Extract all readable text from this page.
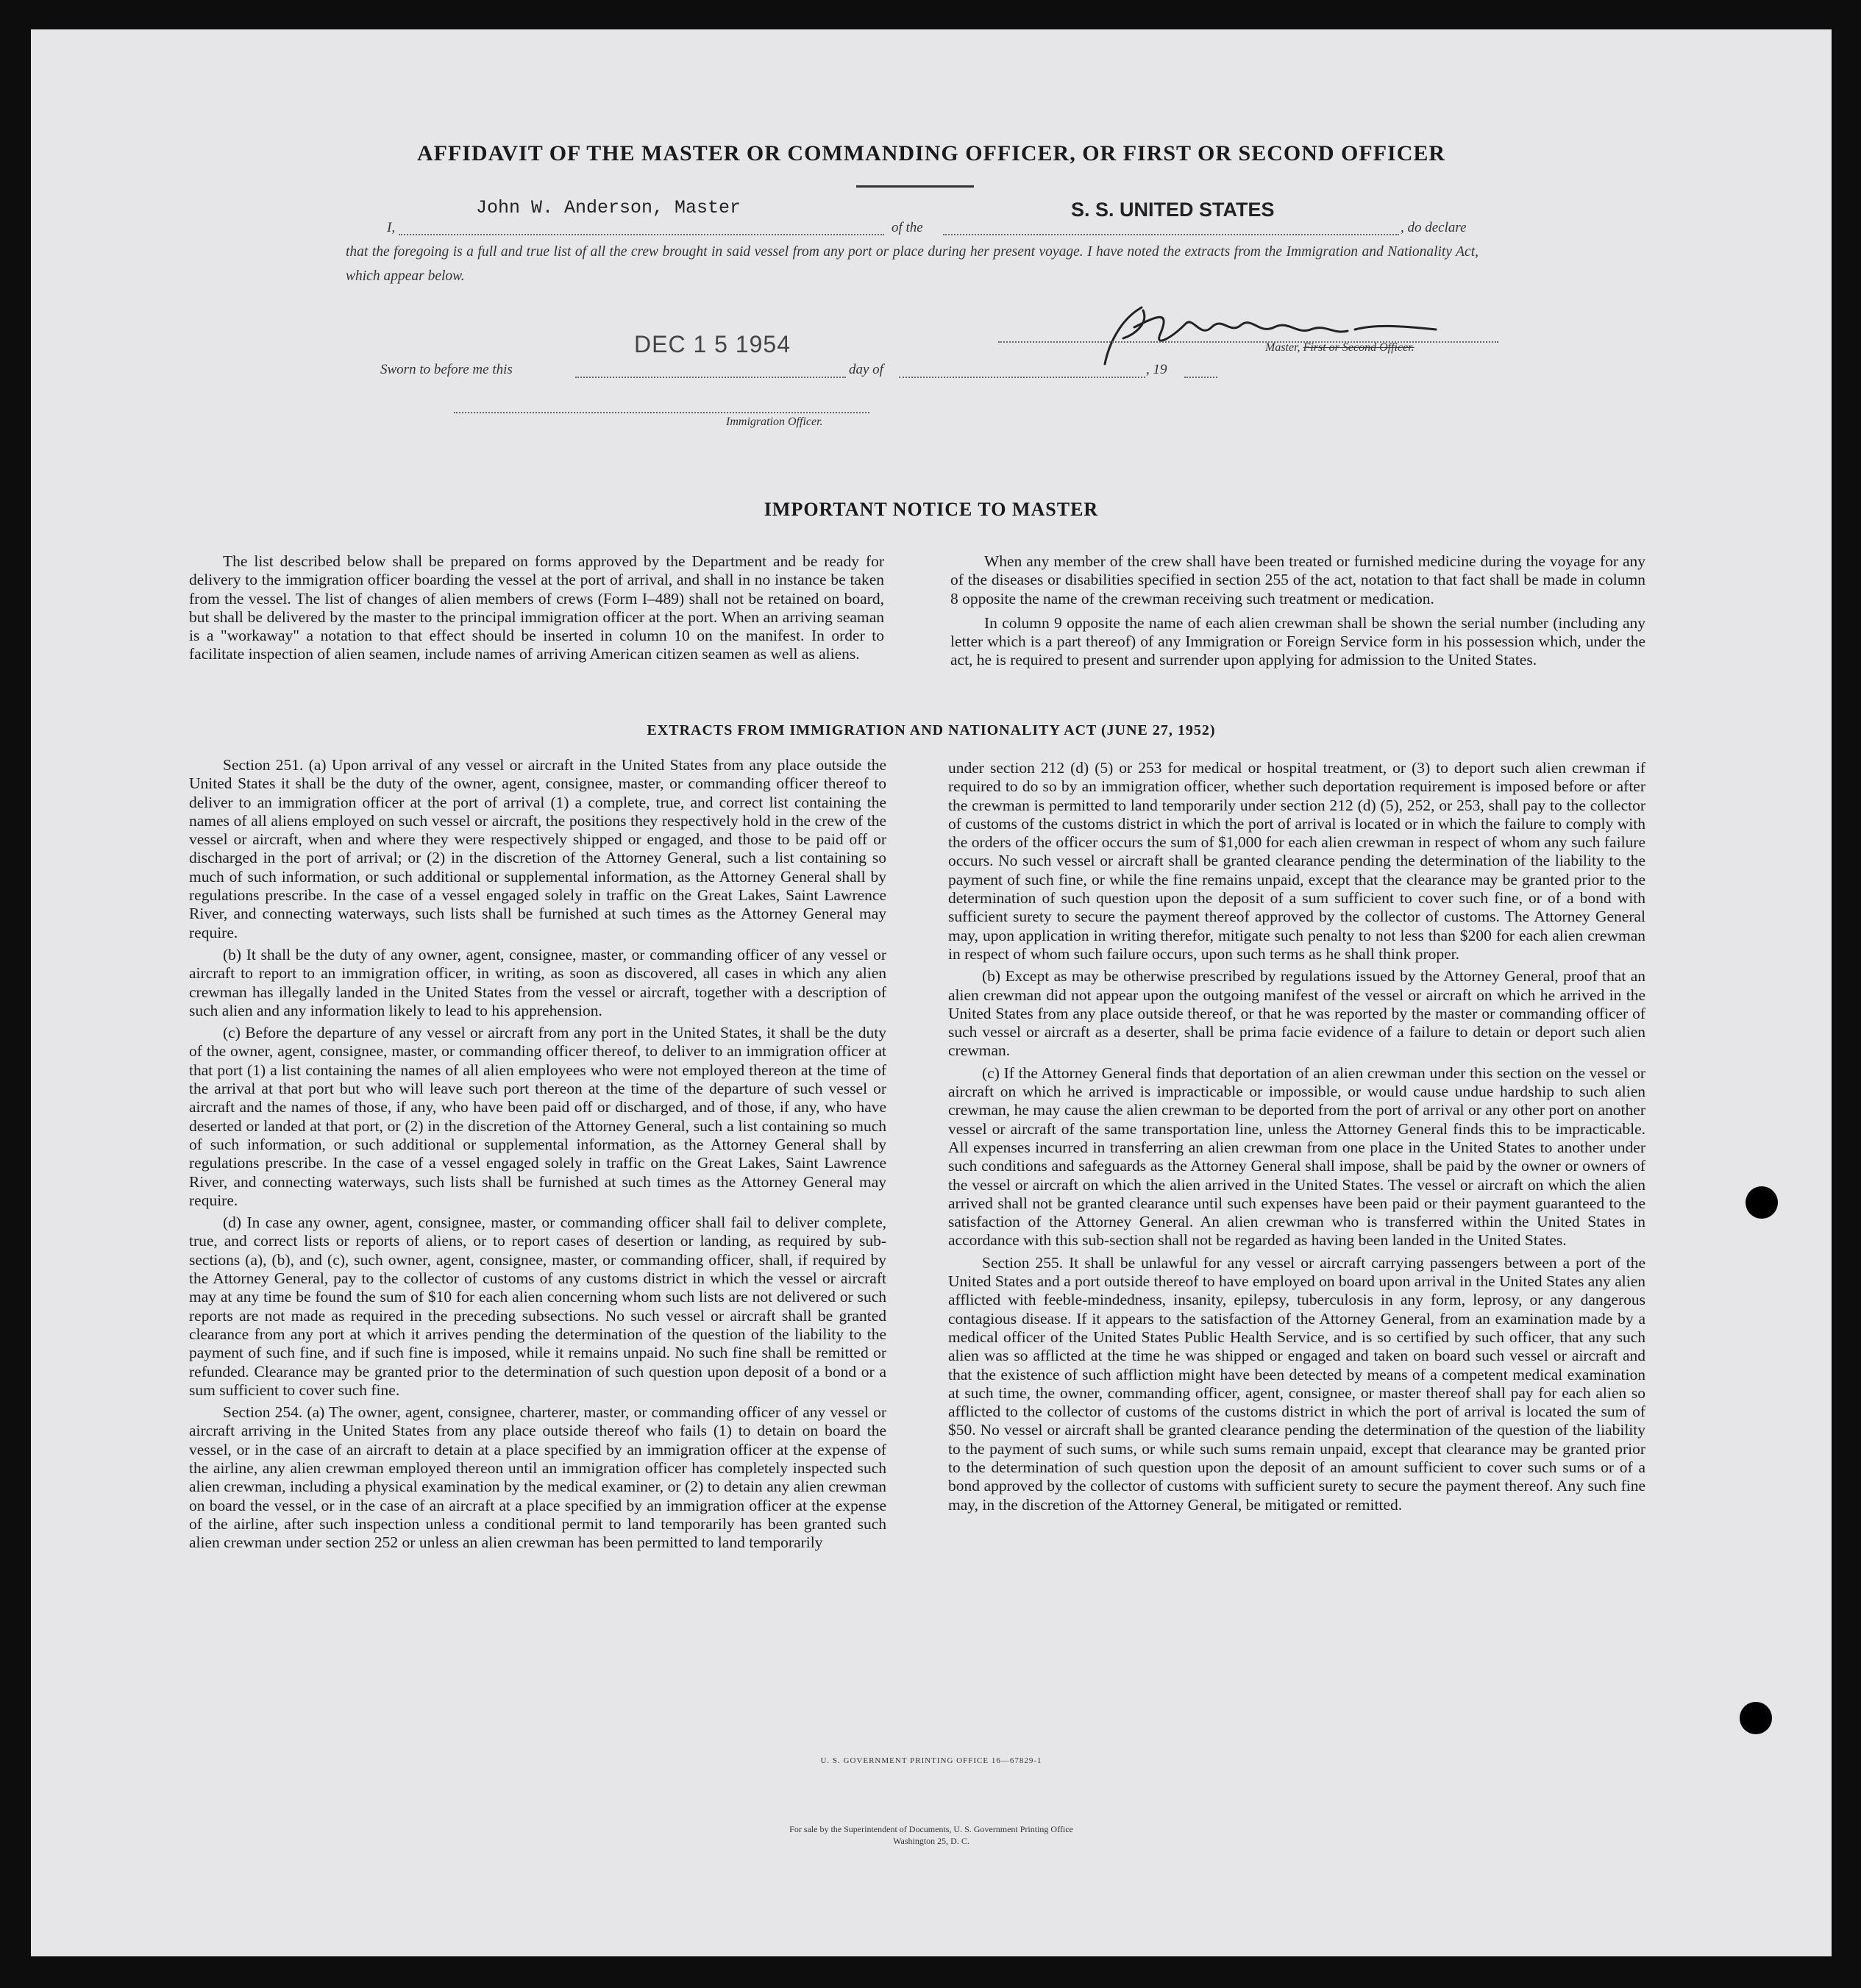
AFFIDAVIT OF THE MASTER OR COMMANDING OFFICER, OR FIRST OR SECOND OFFICER
John W. Anderson, Master	S. S. UNITED STATES
I,	of the	, do declare
that the foregoing is a full and true list of all the crew brought in said vessel from any port or place during her present voyage. I have noted the extracts from the Immigration and Nationality Act, which appear below.
DEC 1 5 1954	Master, First or Second Officer.
Sworn to before me this	day of	, 19
Immigration Officer.
IMPORTANT NOTICE TO MASTER

The list described below shall be prepared on forms approved by the Department and be ready for delivery to the immigration officer boarding the vessel at the port of arrival, and shall in no instance be taken from the vessel. The list of changes of alien members of crews (Form I–489) shall not be retained on board, but shall be delivered by the master to the principal immigration officer at the port. When an arriving seaman is a "workaway" a notation to that effect should be inserted in column 10 on the manifest. In order to facilitate inspection of alien seamen, include names of arriving American citizen seamen as well as aliens.

When any member of the crew shall have been treated or furnished medicine during the voyage for any of the diseases or disabilities specified in section 255 of the act, notation to that fact shall be made in column 8 opposite the name of the crewman receiving such treatment or medication.

In column 9 opposite the name of each alien crewman shall be shown the serial number (including any letter which is a part thereof) of any Immigration or Foreign Service form in his possession which, under the act, he is required to present and surrender upon applying for admission to the United States.

EXTRACTS FROM IMMIGRATION AND NATIONALITY ACT (JUNE 27, 1952)

Section 251. (a) Upon arrival of any vessel or aircraft in the United States from any place outside the United States it shall be the duty of the owner, agent, consignee, master, or commanding officer thereof to deliver to an immigration officer at the port of arrival (1) a complete, true, and correct list containing the names of all aliens employed on such vessel or aircraft, the positions they respectively hold in the crew of the vessel or aircraft, when and where they were respectively shipped or engaged, and those to be paid off or discharged in the port of arrival; or (2) in the discretion of the Attorney General, such a list containing so much of such information, or such additional or supplemental information, as the Attorney General shall by regulations prescribe. In the case of a vessel engaged solely in traffic on the Great Lakes, Saint Lawrence River, and connecting waterways, such lists shall be furnished at such times as the Attorney General may require.

(b) It shall be the duty of any owner, agent, consignee, master, or commanding officer of any vessel or aircraft to report to an immigration officer, in writing, as soon as discovered, all cases in which any alien crewman has illegally landed in the United States from the vessel or aircraft, together with a description of such alien and any information likely to lead to his apprehension.

(c) Before the departure of any vessel or aircraft from any port in the United States, it shall be the duty of the owner, agent, consignee, master, or commanding officer thereof, to deliver to an immigration officer at that port (1) a list containing the names of all alien employees who were not employed thereon at the time of the arrival at that port but who will leave such port thereon at the time of the departure of such vessel or aircraft and the names of those, if any, who have been paid off or discharged, and of those, if any, who have deserted or landed at that port, or (2) in the discretion of the Attorney General, such a list containing so much of such information, or such additional or supplemental information, as the Attorney General shall by regulations prescribe. In the case of a vessel engaged solely in traffic on the Great Lakes, Saint Lawrence River, and connecting waterways, such lists shall be furnished at such times as the Attorney General may require.

(d) In case any owner, agent, consignee, master, or commanding officer shall fail to deliver complete, true, and correct lists or reports of aliens, or to report cases of desertion or landing, as required by sub-sections (a), (b), and (c), such owner, agent, consignee, master, or commanding officer, shall, if required by the Attorney General, pay to the collector of customs of any customs district in which the vessel or aircraft may at any time be found the sum of $10 for each alien concerning whom such lists are not delivered or such reports are not made as required in the preceding subsections. No such vessel or aircraft shall be granted clearance from any port at which it arrives pending the determination of the question of the liability to the payment of such fine, and if such fine is imposed, while it remains unpaid. No such fine shall be remitted or refunded. Clearance may be granted prior to the determination of such question upon deposit of a bond or a sum sufficient to cover such fine.

Section 254. (a) The owner, agent, consignee, charterer, master, or commanding officer of any vessel or aircraft arriving in the United States from any place outside thereof who fails (1) to detain on board the vessel, or in the case of an aircraft to detain at a place specified by an immigration officer at the expense of the airline, any alien crewman employed thereon until an immigration officer has completely inspected such alien crewman, including a physical examination by the medical examiner, or (2) to detain any alien crewman on board the vessel, or in the case of an aircraft at a place specified by an immigration officer at the expense of the airline, after such inspection unless a conditional permit to land temporarily has been granted such alien crewman under section 252 or unless an alien crewman has been permitted to land temporarily

under section 212 (d) (5) or 253 for medical or hospital treatment, or (3) to deport such alien crewman if required to do so by an immigration officer, whether such deportation requirement is imposed before or after the crewman is permitted to land temporarily under section 212 (d) (5), 252, or 253, shall pay to the collector of customs of the customs district in which the port of arrival is located or in which the failure to comply with the orders of the officer occurs the sum of $1,000 for each alien crewman in respect of whom any such failure occurs. No such vessel or aircraft shall be granted clearance pending the determination of the liability to the payment of such fine, or while the fine remains unpaid, except that the clearance may be granted prior to the determination of such question upon the deposit of a sum sufficient to cover such fine, or of a bond with sufficient surety to secure the payment thereof approved by the collector of customs. The Attorney General may, upon application in writing therefor, mitigate such penalty to not less than $200 for each alien crewman in respect of whom such failure occurs, upon such terms as he shall think proper.

(b) Except as may be otherwise prescribed by regulations issued by the Attorney General, proof that an alien crewman did not appear upon the outgoing manifest of the vessel or aircraft on which he arrived in the United States from any place outside thereof, or that he was reported by the master or commanding officer of such vessel or aircraft as a deserter, shall be prima facie evidence of a failure to detain or deport such alien crewman.

(c) If the Attorney General finds that deportation of an alien crewman under this section on the vessel or aircraft on which he arrived is impracticable or impossible, or would cause undue hardship to such alien crewman, he may cause the alien crewman to be deported from the port of arrival or any other port on another vessel or aircraft of the same transportation line, unless the Attorney General finds this to be impracticable. All expenses incurred in transferring an alien crewman from one place in the United States to another under such conditions and safeguards as the Attorney General shall impose, shall be paid by the owner or owners of the vessel or aircraft on which the alien arrived in the United States. The vessel or aircraft on which the alien arrived shall not be granted clearance until such expenses have been paid or their payment guaranteed to the satisfaction of the Attorney General. An alien crewman who is transferred within the United States in accordance with this sub-section shall not be regarded as having been landed in the United States.

Section 255. It shall be unlawful for any vessel or aircraft carrying passengers between a port of the United States and a port outside thereof to have employed on board upon arrival in the United States any alien afflicted with feeble-mindedness, insanity, epilepsy, tuberculosis in any form, leprosy, or any dangerous contagious disease. If it appears to the satisfaction of the Attorney General, from an examination made by a medical officer of the United States Public Health Service, and is so certified by such officer, that any such alien was so afflicted at the time he was shipped or engaged and taken on board such vessel or aircraft and that the existence of such affliction might have been detected by means of a competent medical examination at such time, the owner, commanding officer, agent, consignee, or master thereof shall pay for each alien so afflicted to the collector of customs of the customs district in which the port of arrival is located the sum of $50. No vessel or aircraft shall be granted clearance pending the determination of the question of the liability to the payment of such sums, or while such sums remain unpaid, except that clearance may be granted prior to the determination of such question upon the deposit of an amount sufficient to cover such sums or of a bond approved by the collector of customs with sufficient surety to secure the payment thereof. Any such fine may, in the discretion of the Attorney General, be mitigated or remitted.

U. S. GOVERNMENT PRINTING OFFICE 16—67829-1
For sale by the Superintendent of Documents, U. S. Government Printing Office
Washington 25, D. C.
